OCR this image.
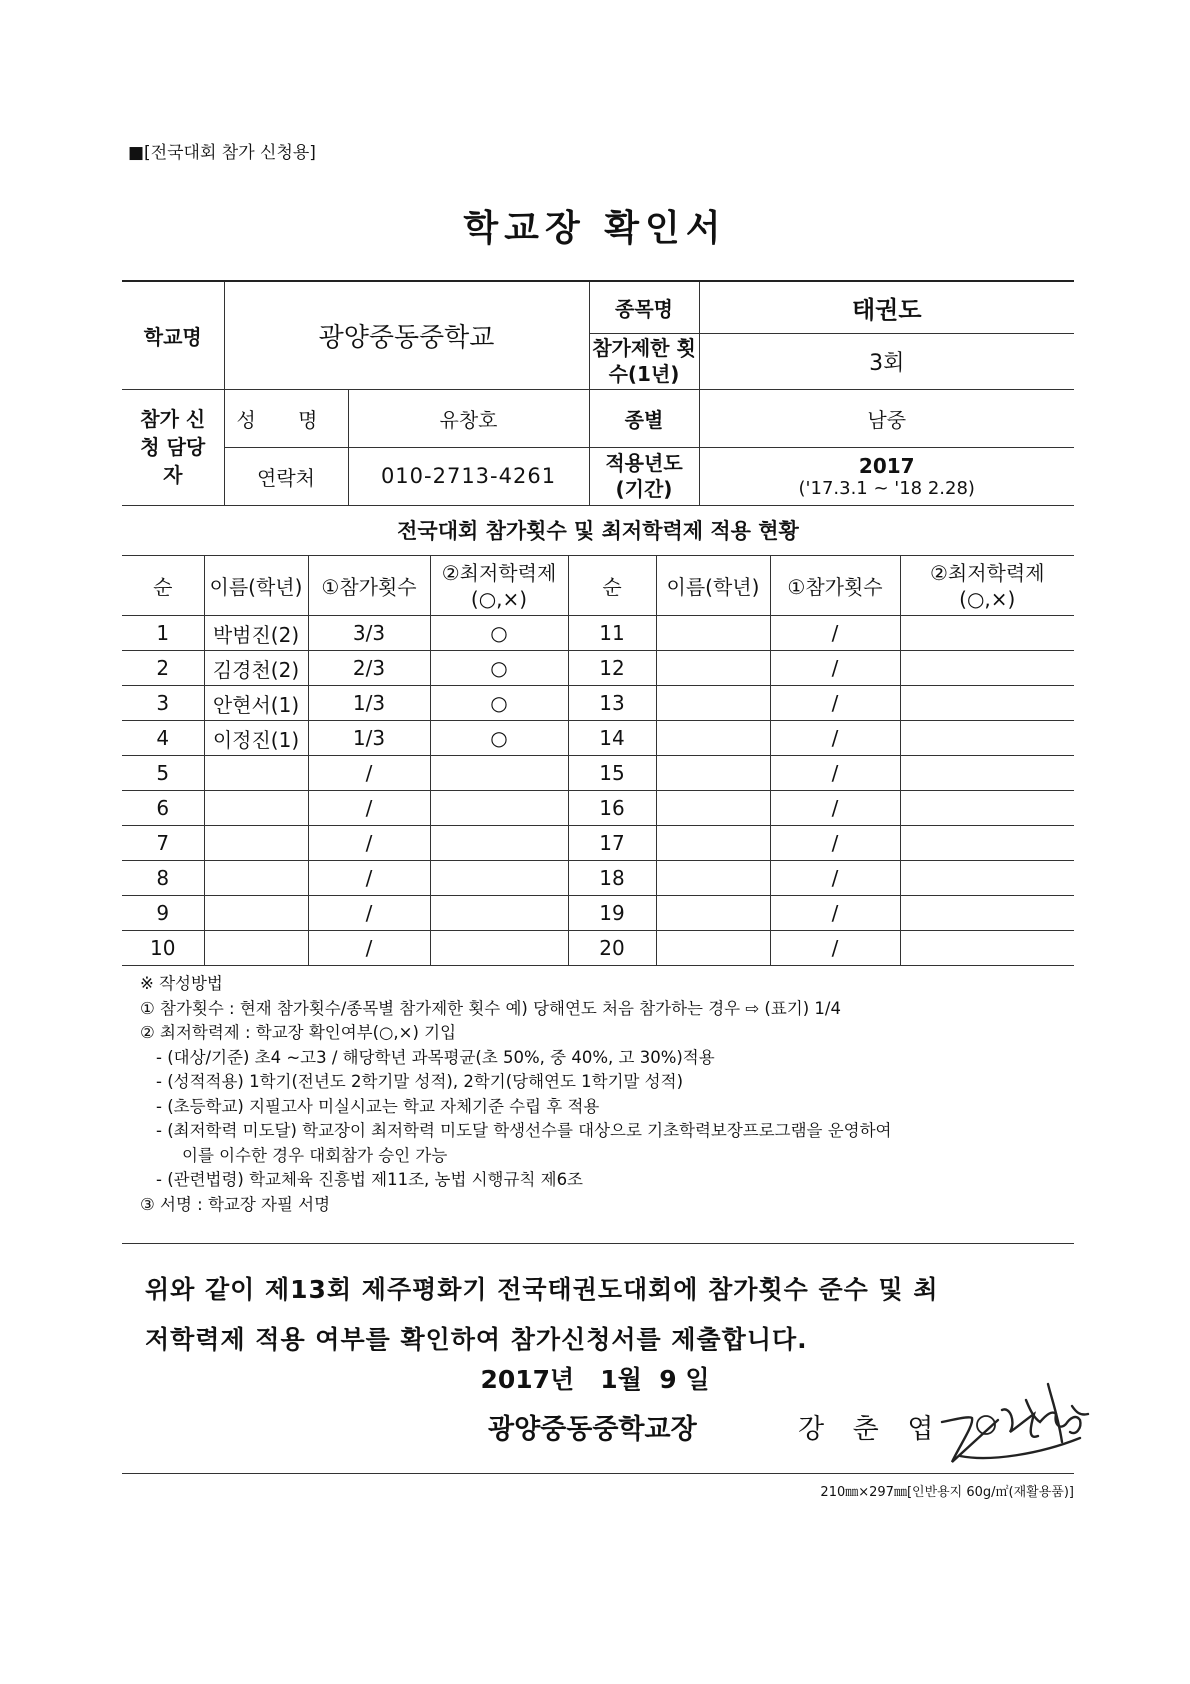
■[전국대회 참가 신청용]
학교장 확인서
학교명	광양중동중학교		종목명	태권도
			참가제한 횟수(1년)	3회
참가 신청 담당자	성 명	유창호	종별	남중
	연락처	010-2713-4261	적용년도 (기간)	2017
('17.3.1 ~ '18 2.28)
전국대회 참가횟수 및 최저학력제 적용 현황
순	이름(학년)	①참가횟수	②최저학력제 (○,×)	순	이름(학년)	①참가횟수	②최저학력제 (○,×)
1	박범진(2)	3/3	○	11		/	
2	김경천(2)	2/3	○	12		/	
3	안현서(1)	1/3	○	13		/	
4	이정진(1)	1/3	○	14		/	
5		/		15		/	
6		/		16		/	
7		/		17		/	
8		/		18		/	
9		/		19		/	
10		/		20		/	
※ 작성방법
① 참가횟수 : 현재 참가횟수/종목별 참가제한 횟수 예) 당해연도 처음 참가하는 경우 ⇨ (표기) 1/4
② 최저학력제 : 학교장 확인여부(○,×) 기입
- (대상/기준) 초4 ~고3 / 해당학년 과목평균(초 50%, 중 40%, 고 30%)적용
- (성적적용) 1학기(전년도 2학기말 성적), 2학기(당해연도 1학기말 성적)
- (초등학교) 지필고사 미실시교는 학교 자체기준 수립 후 적용
- (최저학력 미도달) 학교장이 최저학력 미도달 학생선수를 대상으로 기초학력보장프로그램을 운영하여
이를 이수한 경우 대회참가 승인 가능
- (관련법령) 학교체육 진흥법 제11조, 농법 시행규칙 제6조
③ 서명 : 학교장 자필 서명
위와 같이 제13회 제주평화기 전국태권도대회에 참가횟수 준수 및 최
저학력제 적용 여부를 확인하여 참가신청서를 제출합니다.
2017년   1월  9 일
광양중동중학교장	강 춘 엽
210㎜×297㎜[인반용지 60g/㎡(재활용품)]
